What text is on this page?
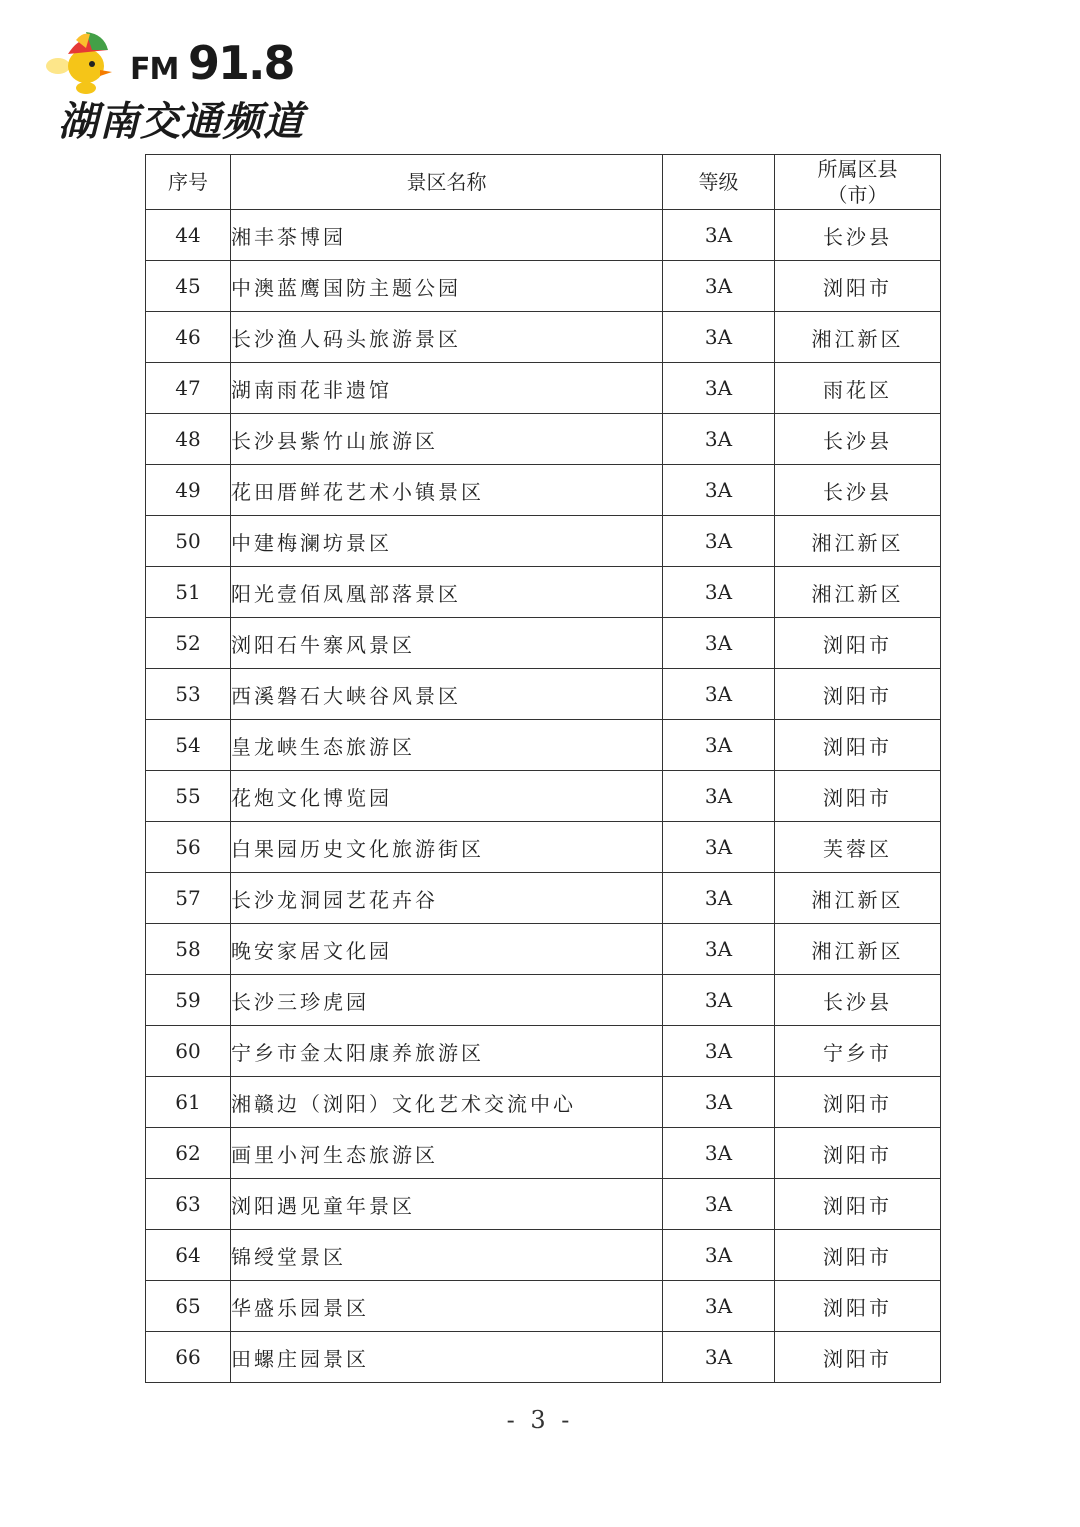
FM 91.8
湖南交通频道
序号	景区名称	等级	所属区县
（市）

44	湘丰茶博园	3A	长沙县
45	中澳蓝鹰国防主题公园	3A	浏阳市
46	长沙渔人码头旅游景区	3A	湘江新区
47	湖南雨花非遗馆	3A	雨花区
48	长沙县紫竹山旅游区	3A	长沙县
49	花田厝鲜花艺术小镇景区	3A	长沙县
50	中建梅澜坊景区	3A	湘江新区
51	阳光壹佰凤凰部落景区	3A	湘江新区
52	浏阳石牛寨风景区	3A	浏阳市
53	西溪磐石大峡谷风景区	3A	浏阳市
54	皇龙峡生态旅游区	3A	浏阳市
55	花炮文化博览园	3A	浏阳市
56	白果园历史文化旅游街区	3A	芙蓉区
57	长沙龙洞园艺花卉谷	3A	湘江新区
58	晚安家居文化园	3A	湘江新区
59	长沙三珍虎园	3A	长沙县
60	宁乡市金太阳康养旅游区	3A	宁乡市
61	湘赣边（浏阳）文化艺术交流中心	3A	浏阳市
62	画里小河生态旅游区	3A	浏阳市
63	浏阳遇见童年景区	3A	浏阳市
64	锦绶堂景区	3A	浏阳市
65	华盛乐园景区	3A	浏阳市
66	田螺庄园景区	3A	浏阳市
- 3 -
